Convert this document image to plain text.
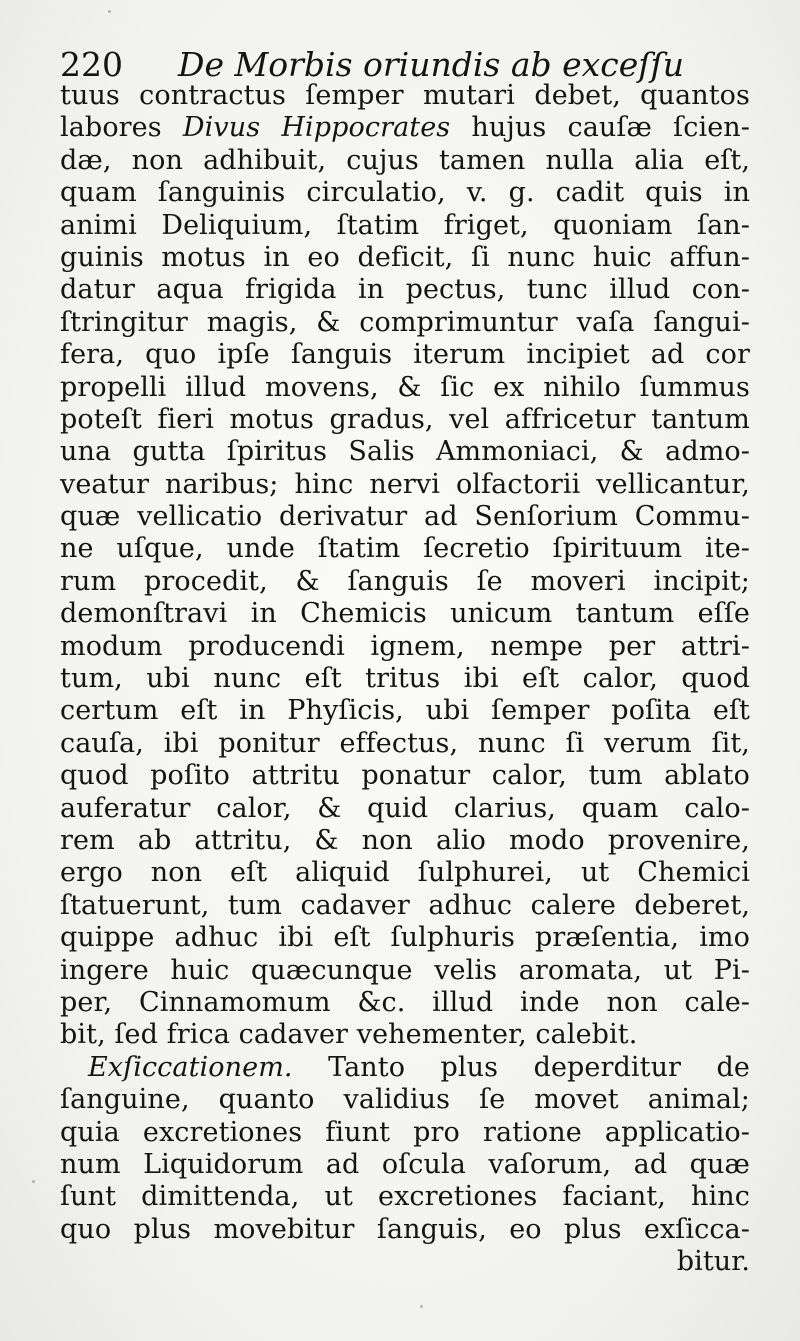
220 De Morbis oriundis ab exceſſu
tuus contractus ſemper mutari debet, quantos
labores Divus Hippocrates hujus cauſæ ſcien-
dæ, non adhibuit, cujus tamen nulla alia eſt,
quam ſanguinis circulatio, v. g. cadit quis in
animi Deliquium, ſtatim friget, quoniam ſan-
guinis motus in eo deficit, ſi nunc huic affun-
datur aqua frigida in pectus, tunc illud con-
ſtringitur magis, & comprimuntur vaſa ſangui-
fera, quo ipſe ſanguis iterum incipiet ad cor
propelli illud movens, & ſic ex nihilo ſummus
poteſt fieri motus gradus, vel affricetur tantum
una gutta ſpiritus Salis Ammoniaci, & admo-
veatur naribus; hinc nervi olfactorii vellicantur,
quæ vellicatio derivatur ad Senſorium Commu-
ne uſque, unde ſtatim ſecretio ſpirituum ite-
rum procedit, & ſanguis ſe moveri incipit;
demonſtravi in Chemicis unicum tantum eſſe
modum producendi ignem, nempe per attri-
tum, ubi nunc eſt tritus ibi eſt calor, quod
certum eſt in Phyſicis, ubi ſemper poſita eſt
cauſa, ibi ponitur effectus, nunc ſi verum ſit,
quod poſito attritu ponatur calor, tum ablato
auferatur calor, & quid clarius, quam calo-
rem ab attritu, & non alio modo provenire,
ergo non eſt aliquid ſulphurei, ut Chemici
ſtatuerunt, tum cadaver adhuc calere deberet,
quippe adhuc ibi eſt ſulphuris præſentia, imo
ingere huic quæcunque velis aromata, ut Pi-
per, Cinnamomum &c. illud inde non cale-
bit, ſed frica cadaver vehementer, calebit.
Exſiccationem. Tanto plus deperditur de
ſanguine, quanto validius ſe movet animal;
quia excretiones fiunt pro ratione applicatio-
num Liquidorum ad oſcula vaſorum, ad quæ
ſunt dimittenda, ut excretiones faciant, hinc
quo plus movebitur ſanguis, eo plus exſicca-
bitur.
